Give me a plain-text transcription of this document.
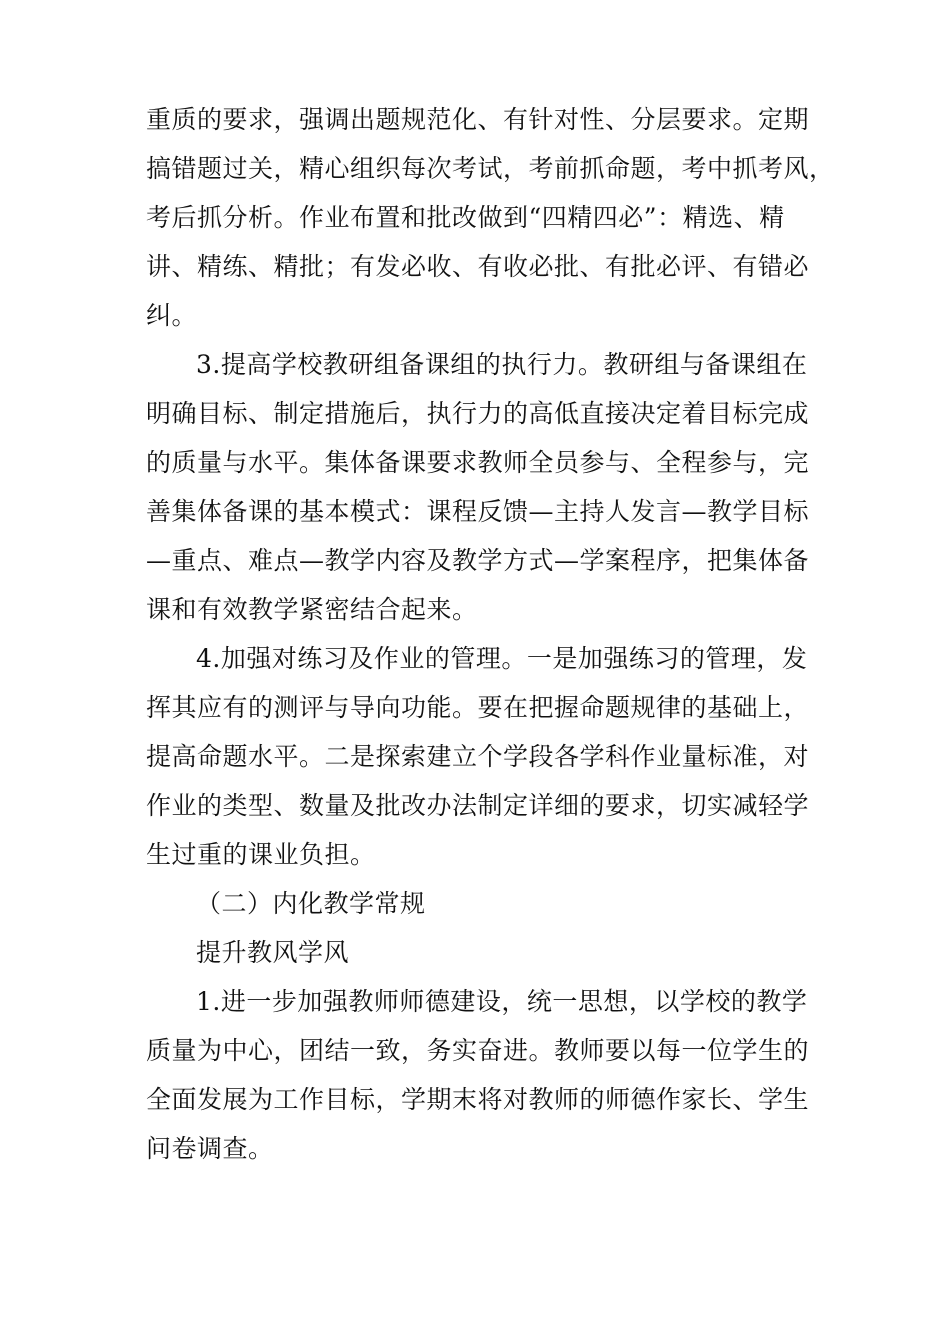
重质的要求，强调出题规范化、有针对性、分层要求。定期
搞错题过关，精心组织每次考试，考前抓命题，考中抓考风，
考后抓分析。作业布置和批改做到“四精四必”：精选、精
讲、精练、精批；有发必收、有收必批、有批必评、有错必
纠。
3.提高学校教研组备课组的执行力。教研组与备课组在
明确目标、制定措施后，执行力的高低直接决定着目标完成
的质量与水平。集体备课要求教师全员参与、全程参与，完
善集体备课的基本模式：课程反馈—主持人发言—教学目标
—重点、难点—教学内容及教学方式—学案程序，把集体备
课和有效教学紧密结合起来。
4.加强对练习及作业的管理。一是加强练习的管理，发
挥其应有的测评与导向功能。要在把握命题规律的基础上，
提高命题水平。二是探索建立个学段各学科作业量标准，对
作业的类型、数量及批改办法制定详细的要求，切实减轻学
生过重的课业负担。
（二）内化教学常规
提升教风学风
1.进一步加强教师师德建设，统一思想，以学校的教学
质量为中心，团结一致，务实奋进。教师要以每一位学生的
全面发展为工作目标，学期末将对教师的师德作家长、学生
问卷调查。
